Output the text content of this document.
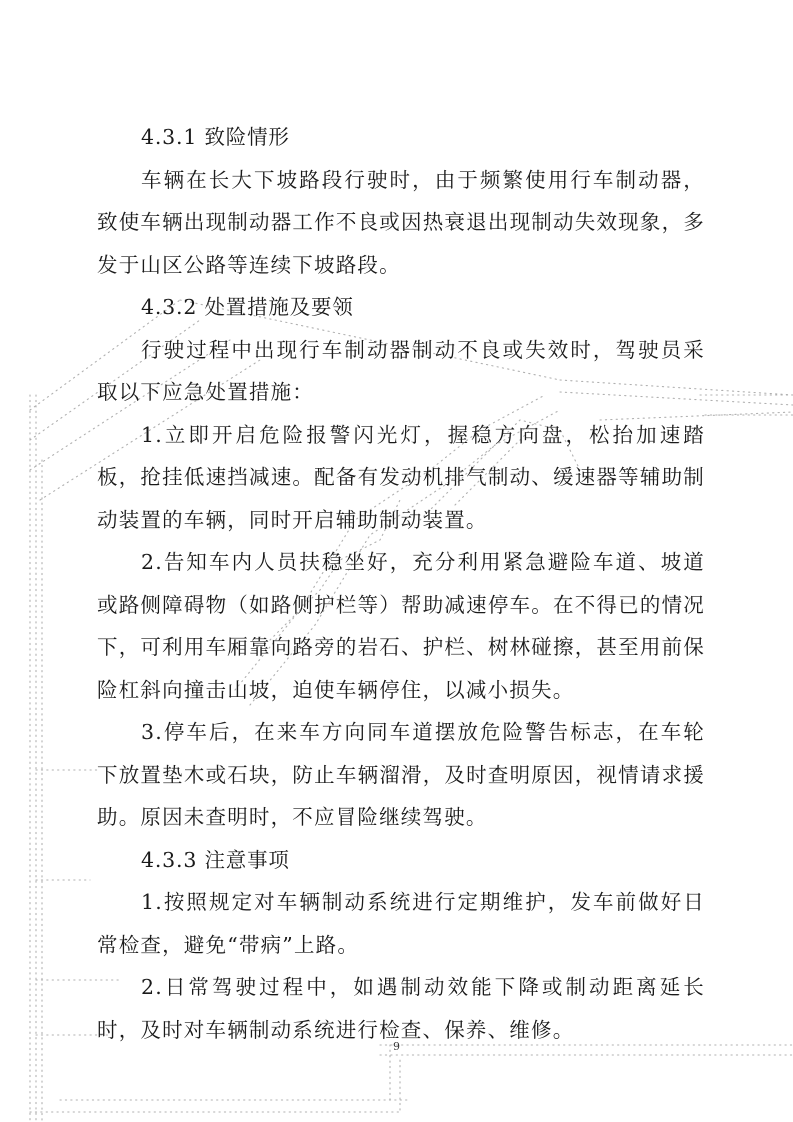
4.3.1 致险情形

车辆在长大下坡路段行驶时，由于频繁使用行车制动器，致使车辆出现制动器工作不良或因热衰退出现制动失效现象，多发于山区公路等连续下坡路段。

4.3.2 处置措施及要领

行驶过程中出现行车制动器制动不良或失效时，驾驶员采取以下应急处置措施：

1.立即开启危险报警闪光灯，握稳方向盘，松抬加速踏板，抢挂低速挡减速。配备有发动机排气制动、缓速器等辅助制动装置的车辆，同时开启辅助制动装置。

2.告知车内人员扶稳坐好，充分利用紧急避险车道、坡道或路侧障碍物（如路侧护栏等）帮助减速停车。在不得已的情况下，可利用车厢靠向路旁的岩石、护栏、树林碰擦，甚至用前保险杠斜向撞击山坡，迫使车辆停住，以减小损失。

3.停车后，在来车方向同车道摆放危险警告标志，在车轮下放置垫木或石块，防止车辆溜滑，及时查明原因，视情请求援助。原因未查明时，不应冒险继续驾驶。

4.3.3 注意事项

1.按照规定对车辆制动系统进行定期维护，发车前做好日常检查，避免“带病”上路。

2.日常驾驶过程中，如遇制动效能下降或制动距离延长时，及时对车辆制动系统进行检查、保养、维修。

9
